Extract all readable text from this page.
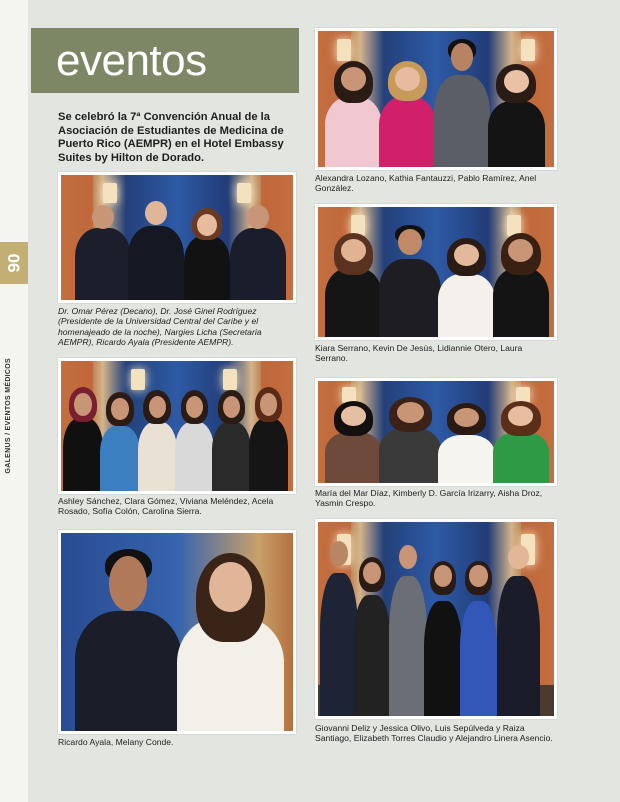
GALENUS / EVENTOS MÉDICOS
90
eventos
Se celebró la 7ª Convención Anual de la Asociación de Estudiantes de Medicina de Puerto Rico (AEMPR) en el Hotel Embassy Suites by Hilton de Dorado.
Dr. Omar Pérez (Decano), Dr. José Ginel Rodríguez (Presidente de la Universidad Central del Caribe y el homenajeado de la noche), Nargies Licha (Secretaria AEMPR), Ricardo Ayala (Presidente AEMPR).
Ashley Sánchez, Clara Gómez, Viviana Meléndez, Acela Rosado, Sofía Colón, Carolina Sierra.
Ricardo Ayala, Melany Conde.
Alexandra Lozano, Kathia Fantauzzi, Pablo Ramírez, Anel González.
Kiara Serrano, Kevin De Jesús, Lidiannie Otero, Laura Serrano.
María del Mar Díaz, Kimberly D. García Irizarry, Aisha Droz, Yasmin Crespo.
Giovanni Deliz y Jessica Olivo, Luis Sepúlveda y Raiza Santiago, Elizabeth Torres Claudio y Alejandro Linera Asencio.
